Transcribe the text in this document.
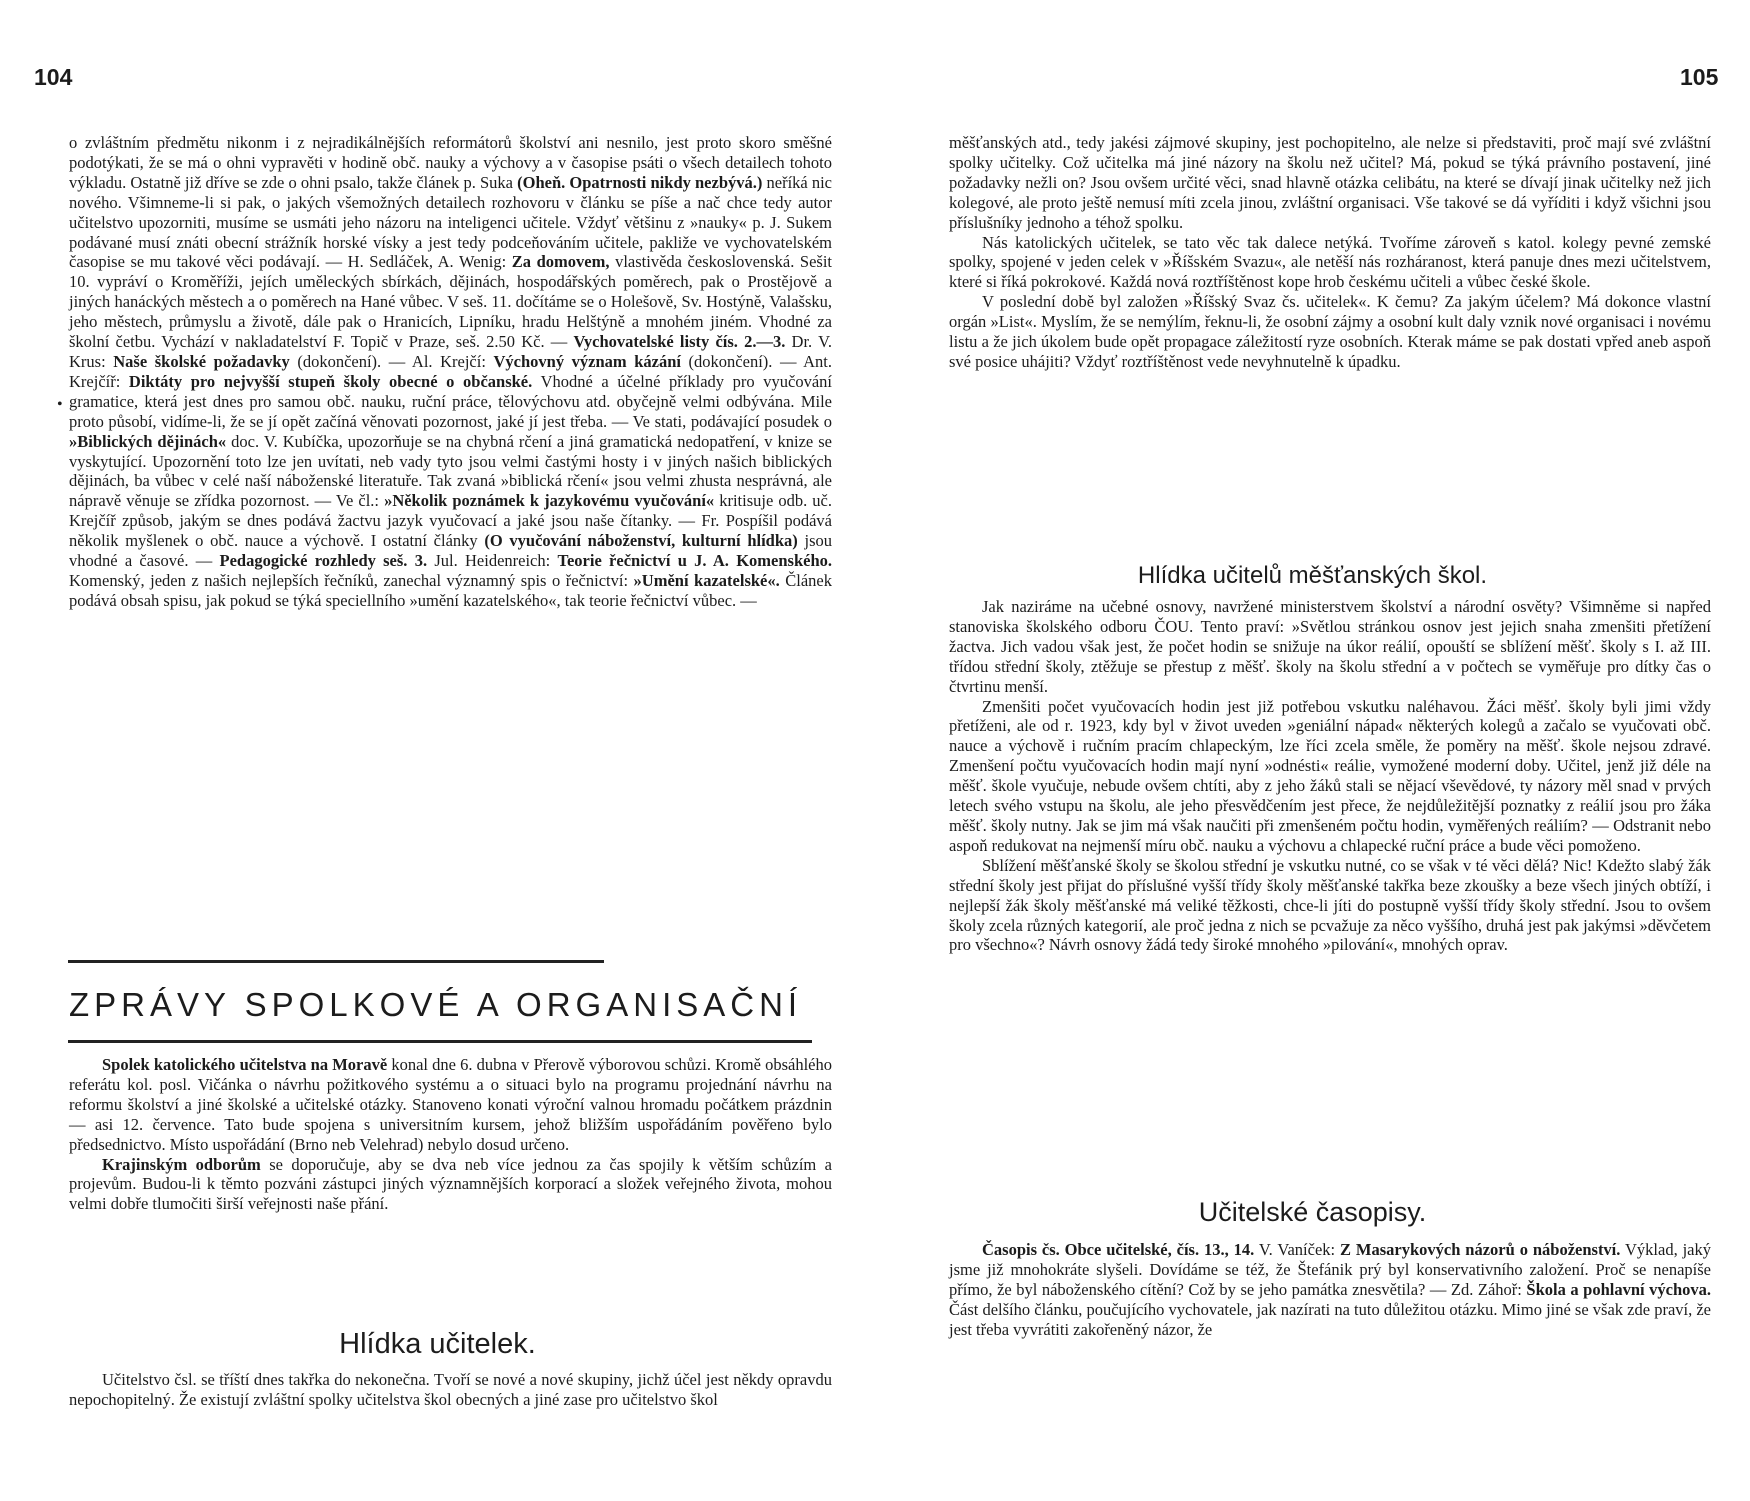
104

o zvláštním předmětu nikonm i z nejradikálnějších reformátorů školství ani nesnilo, jest proto skoro směšné podotýkati, že se má o ohni vypravěti v hodině obč. nauky a výchovy a v časopise psáti o všech detailech tohoto výkladu. Ostatně již dříve se zde o ohni psalo, takže článek p. Suka (Oheň. Opatrnosti nikdy nezbývá.) neříká nic nového. Všimneme-li si pak, o jakých všemožných detailech rozhovoru v článku se píše a nač chce tedy autor učitelstvo upozorniti, musíme se usmáti jeho názoru na inteligenci učitele. Vždyť většinu z »nauky« p. J. Sukem podávané musí znáti obecní strážník horské vísky a jest tedy podceňováním učitele, pakliže ve vychovatelském časopise se mu takové věci podávají. — H. Sedláček, A. Wenig: Za domovem, vlastivěda československá. Sešit 10. vypráví o Kroměříži, jejích uměleckých sbírkách, dějinách, hospodářských poměrech, pak o Prostějově a jiných hanáckých městech a o poměrech na Hané vůbec. V seš. 11. dočítáme se o Holešově, Sv. Hostýně, Valašsku, jeho městech, průmyslu a životě, dále pak o Hranicích, Lipníku, hradu Helštýně a mnohém jiném. Vhodné za školní četbu. Vychází v nakladatelství F. Topič v Praze, seš. 2.50 Kč. — Vychovatelské listy čís. 2.—3. Dr. V. Krus: Naše školské požadavky (dokončení). — Al. Krejčí: Výchovný význam kázání (dokončení). — Ant. Krejčíř: Diktáty pro nejvyšší stupeň školy obecné o občanské. Vhodné a účelné příklady pro vyučování gramatice, která jest dnes pro samou obč. nauku, ruční práce, tělovýchovu atd. obyčejně velmi odbývána. Mile proto působí, vidíme-li, že se jí opět začíná věnovati pozornost, jaké jí jest třeba. — Ve stati, podávající posudek o »Biblických dějinách« doc. V. Kubíčka, upozorňuje se na chybná rčení a jiná gramatická nedopatření, v knize se vyskytující. Upozornění toto lze jen uvítati, neb vady tyto jsou velmi častými hosty i v jiných našich biblických dějinách, ba vůbec v celé naší náboženské literatuře. Tak zvaná »biblická rčení« jsou velmi zhusta nesprávná, ale nápravě věnuje se zřídka pozornost. — Ve čl.: »Několik poznámek k jazykovému vyučování« kritisuje odb. uč. Krejčíř způsob, jakým se dnes podává žactvu jazyk vyučovací a jaké jsou naše čítanky. — Fr. Pospíšil podává několik myšlenek o obč. nauce a výchově. I ostatní články (O vyučování náboženství, kulturní hlídka) jsou vhodné a časové. — Pedagogické rozhledy seš. 3. Jul. Heidenreich: Teorie řečnictví u J. A. Komenského. Komenský, jeden z našich nejlepších řečníků, zanechal významný spis o řečnictví: »Umění kazatelské«. Článek podává obsah spisu, jak pokud se týká speciellního »umění kazatelského«, tak teorie řečnictví vůbec. —

•
ZPRÁVY SPOLKOVÉ A ORGANISAČNÍ

Spolek katolického učitelstva na Moravě konal dne 6. dubna v Přerově výborovou schůzi. Kromě obsáhlého referátu kol. posl. Vičánka o návrhu požitkového systému a o situaci bylo na programu projednání návrhu na reformu školství a jiné školské a učitelské otázky. Stanoveno konati výroční valnou hromadu počátkem prázdnin — asi 12. července. Tato bude spojena s universitním kursem, jehož bližším uspořádáním pověřeno bylo předsednictvo. Místo uspořádání (Brno neb Velehrad) nebylo dosud určeno.

Krajinským odborům se doporučuje, aby se dva neb více jednou za čas spojily k větším schůzím a projevům. Budou-li k těmto pozváni zástupci jiných významnějších korporací a složek veřejného života, mohou velmi dobře tlumočiti širší veřejnosti naše přání.

Hlídka učitelek.

Učitelstvo čsl. se tříští dnes takřka do nekonečna. Tvoří se nové a nové skupiny, jichž účel jest někdy opravdu nepochopitelný. Že existují zvláštní spolky učitelstva škol obecných a jiné zase pro učitelstvo škol

105

měšťanských atd., tedy jakési zájmové skupiny, jest pochopitelno, ale nelze si představiti, proč mají své zvláštní spolky učitelky. Což učitelka má jiné názory na školu než učitel? Má, pokud se týká právního postavení, jiné požadavky nežli on? Jsou ovšem určité věci, snad hlavně otázka celibátu, na které se dívají jinak učitelky než jich kolegové, ale proto ještě nemusí míti zcela jinou, zvláštní organisaci. Vše takové se dá vyříditi i když všichni jsou příslušníky jednoho a téhož spolku.

Nás katolických učitelek, se tato věc tak dalece netýká. Tvoříme zároveň s katol. kolegy pevné zemské spolky, spojené v jeden celek v »Říšském Svazu«, ale netěší nás rozháranost, která panuje dnes mezi učitelstvem, které si říká pokrokové. Každá nová roztříštěnost kope hrob českému učiteli a vůbec české škole.

V poslední době byl založen »Říšský Svaz čs. učitelek«. K čemu? Za jakým účelem? Má dokonce vlastní orgán »List«. Myslím, že se nemýlím, řeknu-li, že osobní zájmy a osobní kult daly vznik nové organisaci i novému listu a že jich úkolem bude opět propagace záležitostí ryze osobních. Kterak máme se pak dostati vpřed aneb aspoň své posice uhájiti? Vždyť roztříštěnost vede nevyhnutelně k úpadku.

Hlídka učitelů měšťanských škol.

Jak naziráme na učebné osnovy, navržené ministerstvem školství a národní osvěty? Všimněme si napřed stanoviska školského odboru ČOU. Tento praví: »Světlou stránkou osnov jest jejich snaha zmenšiti přetížení žactva. Jich vadou však jest, že počet hodin se snižuje na úkor reálií, opouští se sblížení měšť. školy s I. až III. třídou střední školy, ztěžuje se přestup z měšť. školy na školu střední a v počtech se vyměřuje pro dítky čas o čtvrtinu menší.

Zmenšiti počet vyučovacích hodin jest již potřebou vskutku naléhavou. Žáci měšť. školy byli jimi vždy přetíženi, ale od r. 1923, kdy byl v život uveden »geniální nápad« některých kolegů a začalo se vyučovati obč. nauce a výchově i ručním pracím chlapeckým, lze říci zcela směle, že poměry na měšť. škole nejsou zdravé. Zmenšení počtu vyučovacích hodin mají nyní »odnésti« reálie, vymožené moderní doby. Učitel, jenž již déle na měšť. škole vyučuje, nebude ovšem chtíti, aby z jeho žáků stali se nějací vševědové, ty názory měl snad v prvých letech svého vstupu na školu, ale jeho přesvědčením jest přece, že nejdůležitější poznatky z reálií jsou pro žáka měšť. školy nutny. Jak se jim má však naučiti při zmenšeném počtu hodin, vyměřených reáliím? — Odstranit nebo aspoň redukovat na nejmenší míru obč. nauku a výchovu a chlapecké ruční práce a bude věci pomoženo.

Sblížení měšťanské školy se školou střední je vskutku nutné, co se však v té věci dělá? Nic! Kdežto slabý žák střední školy jest přijat do příslušné vyšší třídy školy měšťanské takřka beze zkoušky a beze všech jiných obtíží, i nejlepší žák školy měšťanské má veliké těžkosti, chce-li jíti do postupně vyšší třídy školy střední. Jsou to ovšem školy zcela různých kategorií, ale proč jedna z nich se pcvažuje za něco vyššího, druhá jest pak jakýmsi »děvčetem pro všechno«? Návrh osnovy žádá tedy široké mnohého »pilování«, mnohých oprav.

Učitelské časopisy.

Časopis čs. Obce učitelské, čís. 13., 14. V. Vaníček: Z Masarykových názorů o náboženství. Výklad, jaký jsme již mnohokráte slyšeli. Dovídáme se též, že Štefánik prý byl konservativního založení. Proč se nenapíše přímo, že byl náboženského cítění? Což by se jeho památka znesvětila? — Zd. Záhoř: Škola a pohlavní výchova. Část delšího článku, poučujícího vychovatele, jak nazírati na tuto důležitou otázku. Mimo jiné se však zde praví, že jest třeba vyvrátiti zakořeněný názor, že
